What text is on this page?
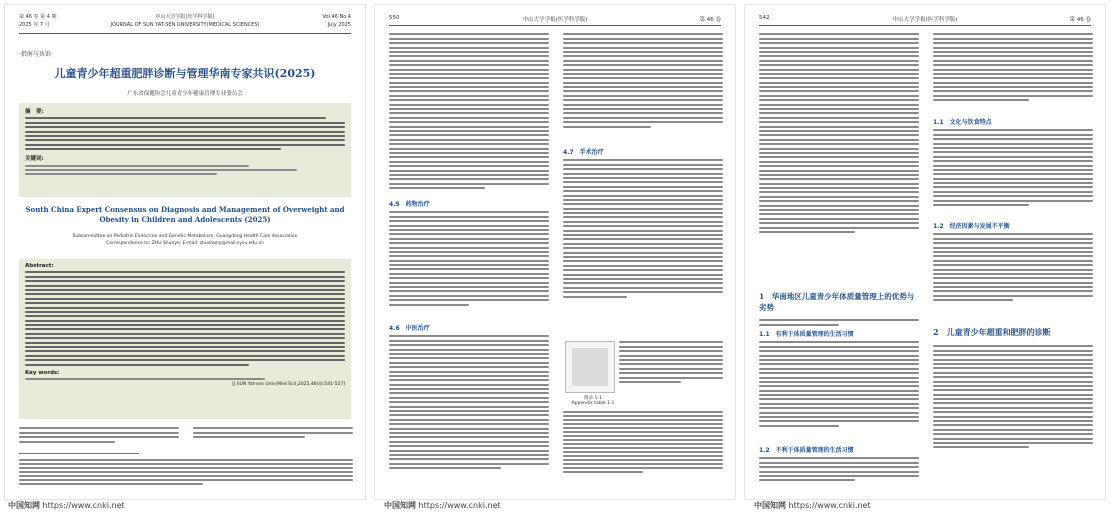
第 46 卷 第 4 期
2025 年 7 月
中山大学学报(医学科学版)
JOURNAL OF SUN YAT-SEN UNIVERSITY(MEDICAL SCIENCES)
Vol.46 No.4
July 2025
·指南与共识·
儿童青少年超重肥胖诊断与管理华南专家共识(2025)
广东省保健协会儿童青少年健康管理专业委员会
摘　要:
关键词:
South China Expert Consensus on Diagnosis and Management of Overweight and Obesity in Children and Adolescents (2025)
Subcommittee on Pediatric Endocrine and Genetic Metabolism, Guangdong Health Care Association
Correspondence to: ZHU Shunye; E-mail: zhushuny@mail.sysu.edu.cn
Abstract:
Key words:
[J SUN Yat-sen Univ(Med Sci),2025,46(4):541-557]
550	中山大学学报(医学科学版)	第 46 卷
4.5　药物治疗
4.6　中医治疗
4.7　手术治疗
附录 1-1
Appendix table 1-1
542	中山大学学报(医学科学版)	第 46 卷
1　华南地区儿童青少年体质量管理上的优势与劣势
1.1　有利于体质量管理的生活习惯
1.2　不利于体质量管理的生活习惯
1.1　文化与饮食特点
1.2　经济因素与发展不平衡
2　儿童青少年超重和肥胖的诊断
中国知网 https://www.cnki.net	中国知网 https://www.cnki.net	中国知网 https://www.cnki.net
